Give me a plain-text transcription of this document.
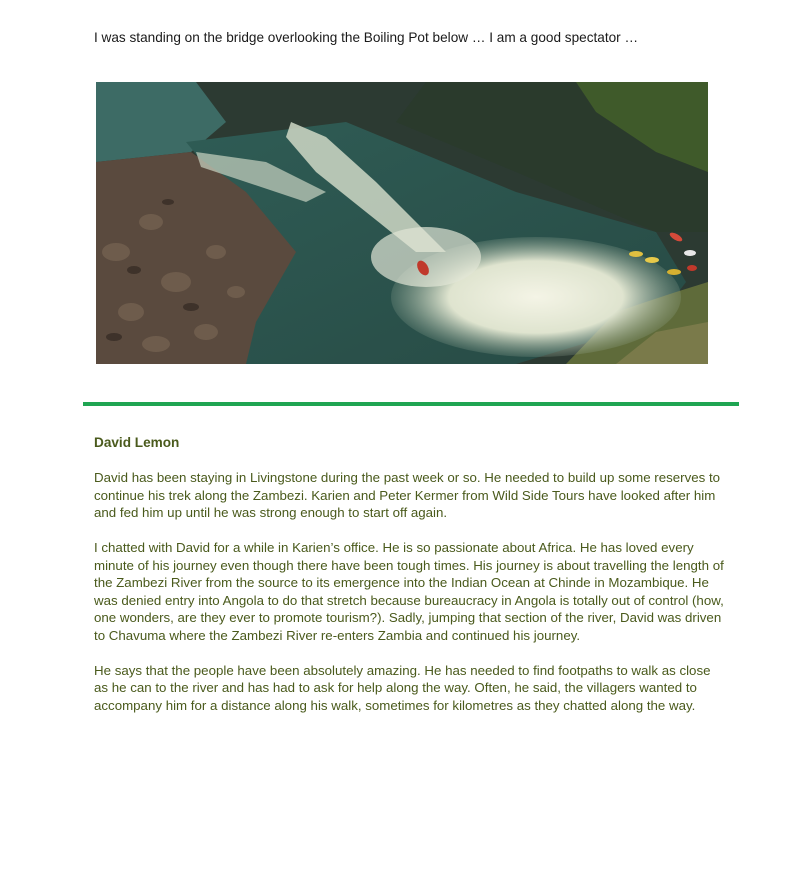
I was standing on the bridge overlooking the Boiling Pot below … I am a good spectator …
David Lemon

David has been staying in Livingstone during the past week or so. He needed to build up some reserves to continue his trek along the Zambezi. Karien and Peter Kermer from Wild Side Tours have looked after him and fed him up until he was strong enough to start off again.

I chatted with David for a while in Karien’s office. He is so passionate about Africa. He has loved every minute of his journey even though there have been tough times. His journey is about travelling the length of the Zambezi River from the source to its emergence into the Indian Ocean at Chinde in Mozambique. He was denied entry into Angola to do that stretch because bureaucracy in Angola is totally out of control (how, one wonders, are they ever to promote tourism?). Sadly, jumping that section of the river, David was driven to Chavuma where the Zambezi River re-enters Zambia and continued his journey.

He says that the people have been absolutely amazing. He has needed to find footpaths to walk as close as he can to the river and has had to ask for help along the way. Often, he said, the villagers wanted to accompany him for a distance along his walk, sometimes for kilometres as they chatted along the way.
